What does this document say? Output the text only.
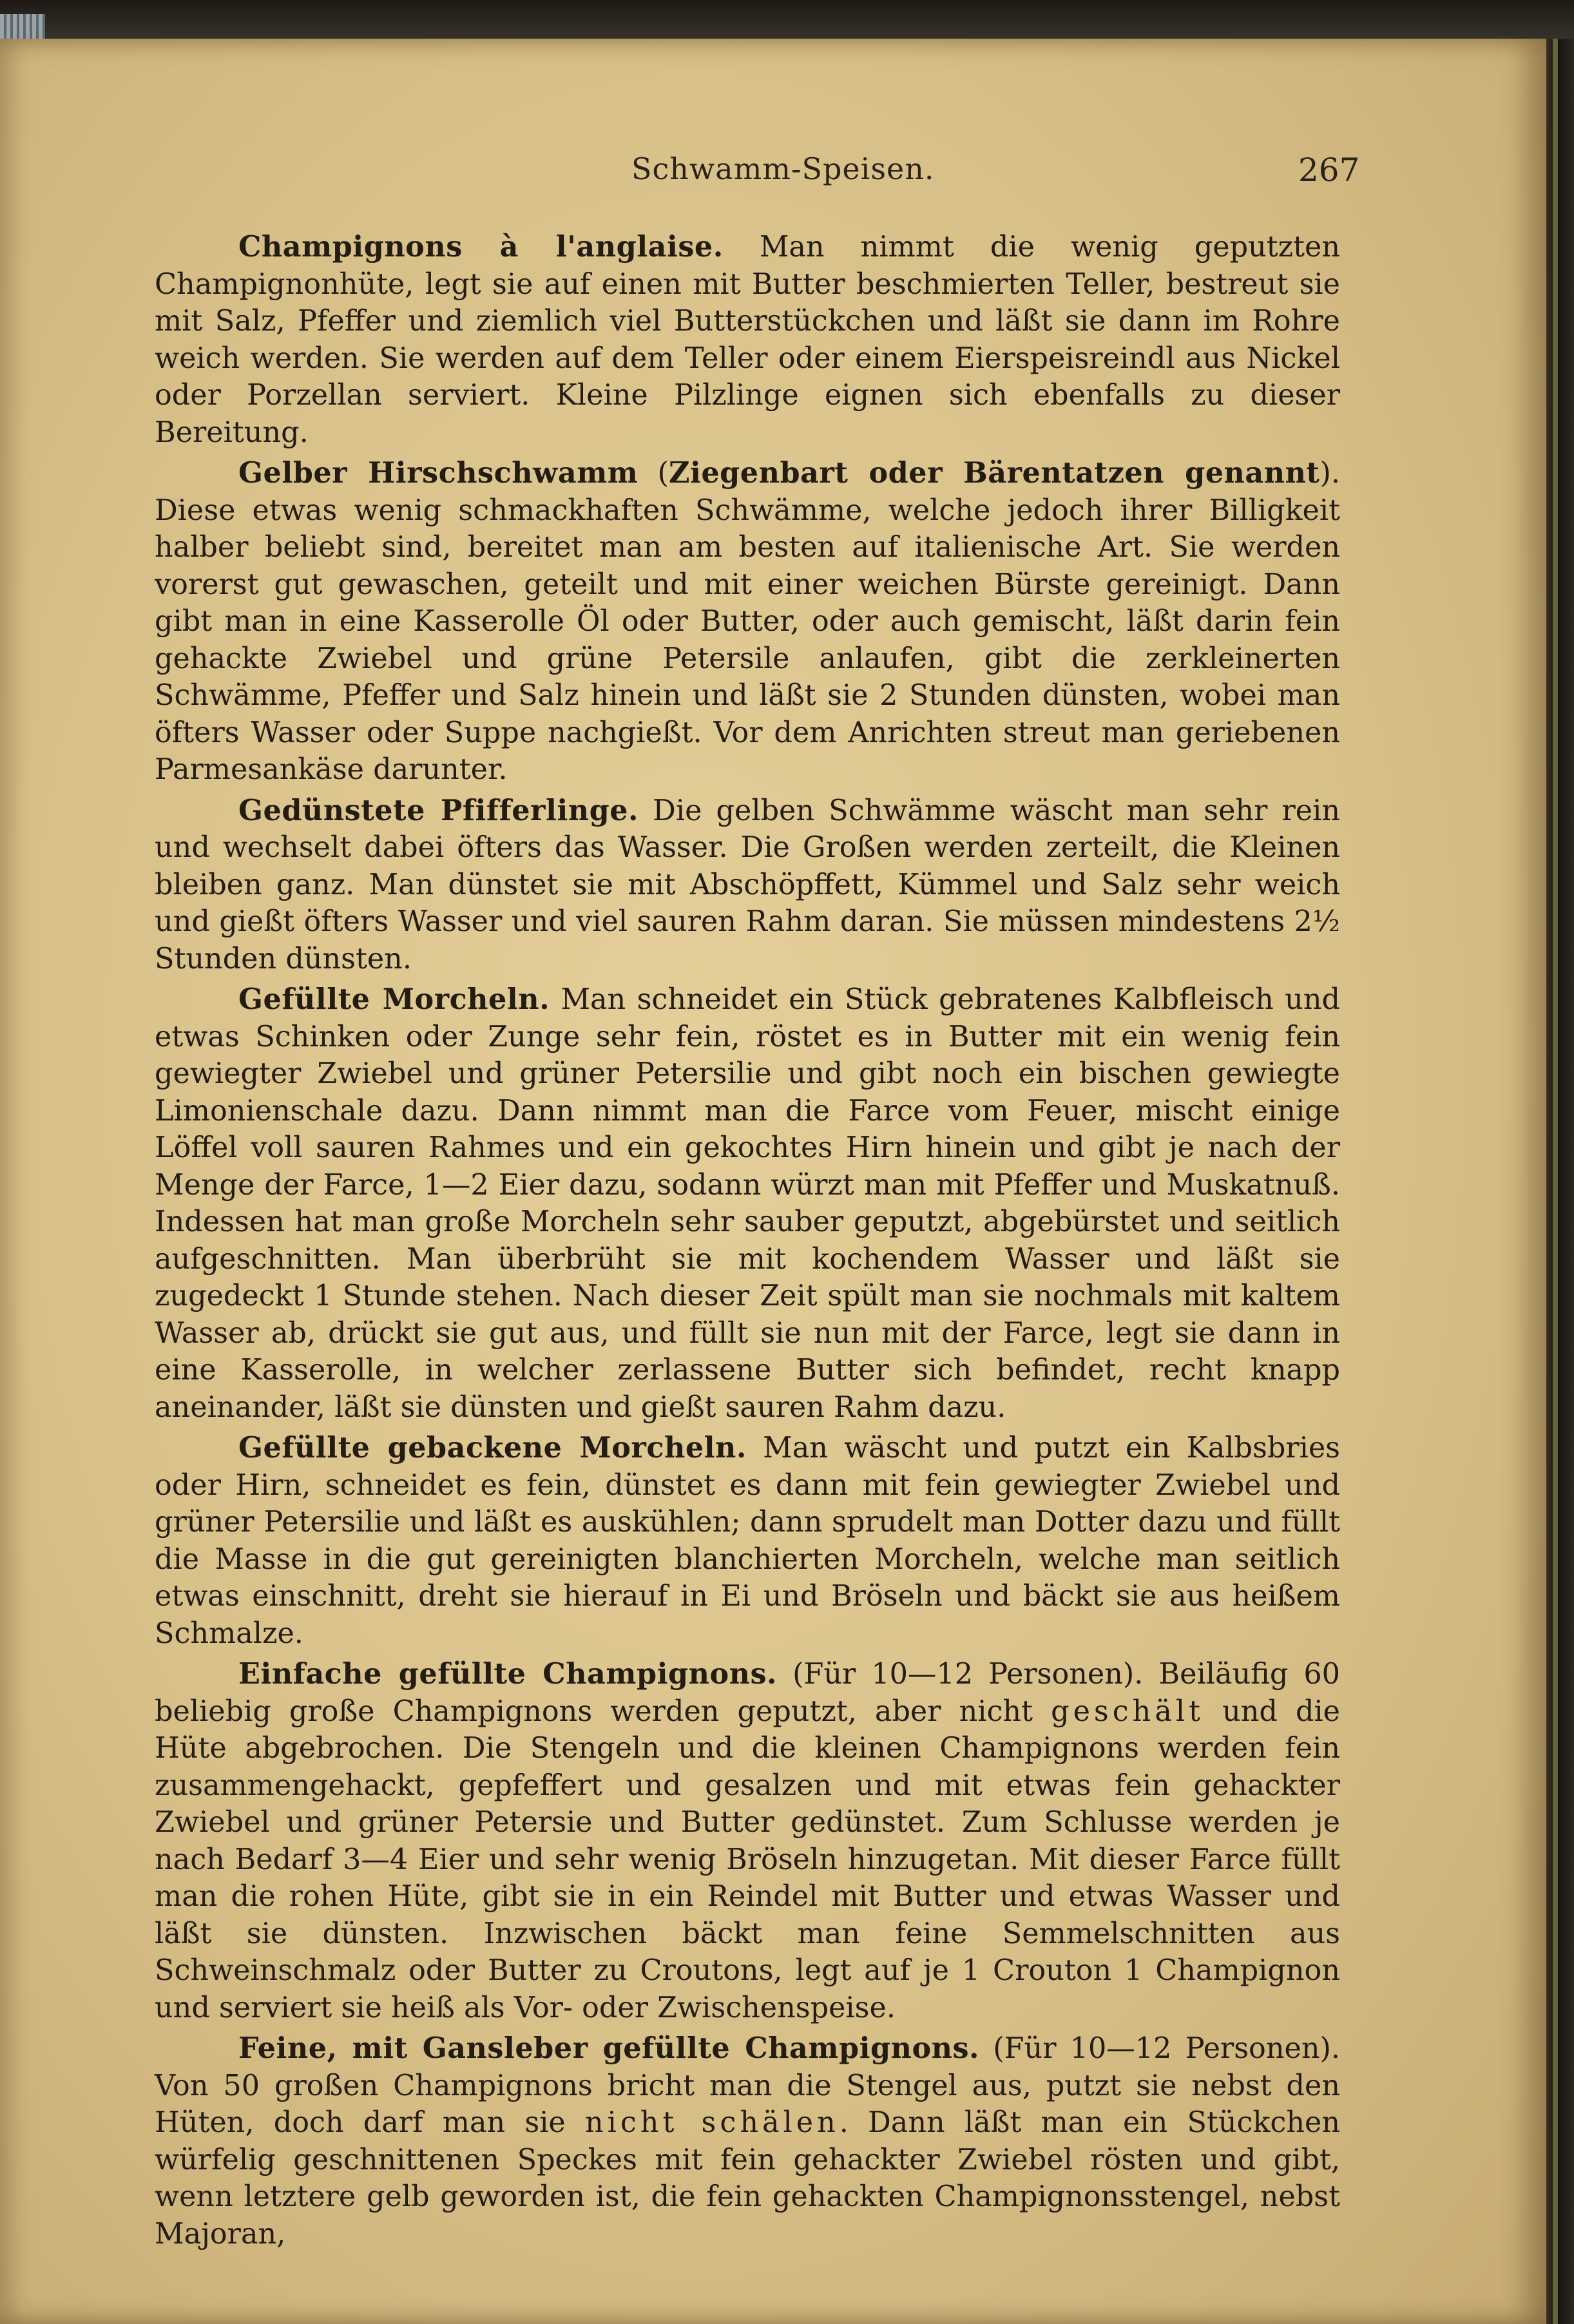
Schwamm-Speisen.	267

Champignons à l'anglaise. Man nimmt die wenig geputzten Champignonhüte, legt sie auf einen mit Butter beschmierten Teller, bestreut sie mit Salz, Pfeffer und ziemlich viel Butterstückchen und läßt sie dann im Rohre weich werden. Sie werden auf dem Teller oder einem Eierspeisreindl aus Nickel oder Porzellan serviert. Kleine Pilzlinge eignen sich ebenfalls zu dieser Bereitung.

Gelber Hirschschwamm (Ziegenbart oder Bärentatzen genannt). Diese etwas wenig schmackhaften Schwämme, welche jedoch ihrer Billigkeit halber beliebt sind, bereitet man am besten auf italienische Art. Sie werden vorerst gut gewaschen, geteilt und mit einer weichen Bürste gereinigt. Dann gibt man in eine Kasserolle Öl oder Butter, oder auch gemischt, läßt darin fein gehackte Zwiebel und grüne Petersile anlaufen, gibt die zerkleinerten Schwämme, Pfeffer und Salz hinein und läßt sie 2 Stunden dünsten, wobei man öfters Wasser oder Suppe nachgießt. Vor dem Anrichten streut man geriebenen Parmesankäse darunter.

Gedünstete Pfifferlinge. Die gelben Schwämme wäscht man sehr rein und wechselt dabei öfters das Wasser. Die Großen werden zerteilt, die Kleinen bleiben ganz. Man dünstet sie mit Abschöpffett, Kümmel und Salz sehr weich und gießt öfters Wasser und viel sauren Rahm daran. Sie müssen mindestens 2½ Stunden dünsten.

Gefüllte Morcheln. Man schneidet ein Stück gebratenes Kalbfleisch und etwas Schinken oder Zunge sehr fein, röstet es in Butter mit ein wenig fein gewiegter Zwiebel und grüner Petersilie und gibt noch ein bischen gewiegte Limonienschale dazu. Dann nimmt man die Farce vom Feuer, mischt einige Löffel voll sauren Rahmes und ein gekochtes Hirn hinein und gibt je nach der Menge der Farce, 1—2 Eier dazu, sodann würzt man mit Pfeffer und Muskatnuß. Indessen hat man große Morcheln sehr sauber geputzt, abgebürstet und seitlich aufgeschnitten. Man überbrüht sie mit kochendem Wasser und läßt sie zugedeckt 1 Stunde stehen. Nach dieser Zeit spült man sie nochmals mit kaltem Wasser ab, drückt sie gut aus, und füllt sie nun mit der Farce, legt sie dann in eine Kasserolle, in welcher zerlassene Butter sich befindet, recht knapp aneinander, läßt sie dünsten und gießt sauren Rahm dazu.

Gefüllte gebackene Morcheln. Man wäscht und putzt ein Kalbsbries oder Hirn, schneidet es fein, dünstet es dann mit fein gewiegter Zwiebel und grüner Petersilie und läßt es auskühlen; dann sprudelt man Dotter dazu und füllt die Masse in die gut gereinigten blanchierten Morcheln, welche man seitlich etwas einschnitt, dreht sie hierauf in Ei und Bröseln und bäckt sie aus heißem Schmalze.

Einfache gefüllte Champignons. (Für 10—12 Personen). Beiläufig 60 beliebig große Champignons werden geputzt, aber nicht geschält und die Hüte abgebrochen. Die Stengeln und die kleinen Champignons werden fein zusammengehackt, gepfeffert und gesalzen und mit etwas fein gehackter Zwiebel und grüner Petersie und Butter gedünstet. Zum Schlusse werden je nach Bedarf 3—4 Eier und sehr wenig Bröseln hinzugetan. Mit dieser Farce füllt man die rohen Hüte, gibt sie in ein Reindel mit Butter und etwas Wasser und läßt sie dünsten. Inzwischen bäckt man feine Semmelschnitten aus Schweinschmalz oder Butter zu Croutons, legt auf je 1 Crouton 1 Champignon und serviert sie heiß als Vor- oder Zwischenspeise.

Feine, mit Gansleber gefüllte Champignons. (Für 10—12 Personen). Von 50 großen Champignons bricht man die Stengel aus, putzt sie nebst den Hüten, doch darf man sie nicht schälen. Dann läßt man ein Stückchen würfelig geschnittenen Speckes mit fein gehackter Zwiebel rösten und gibt, wenn letztere gelb geworden ist, die fein gehackten Champignonsstengel, nebst Majoran,
